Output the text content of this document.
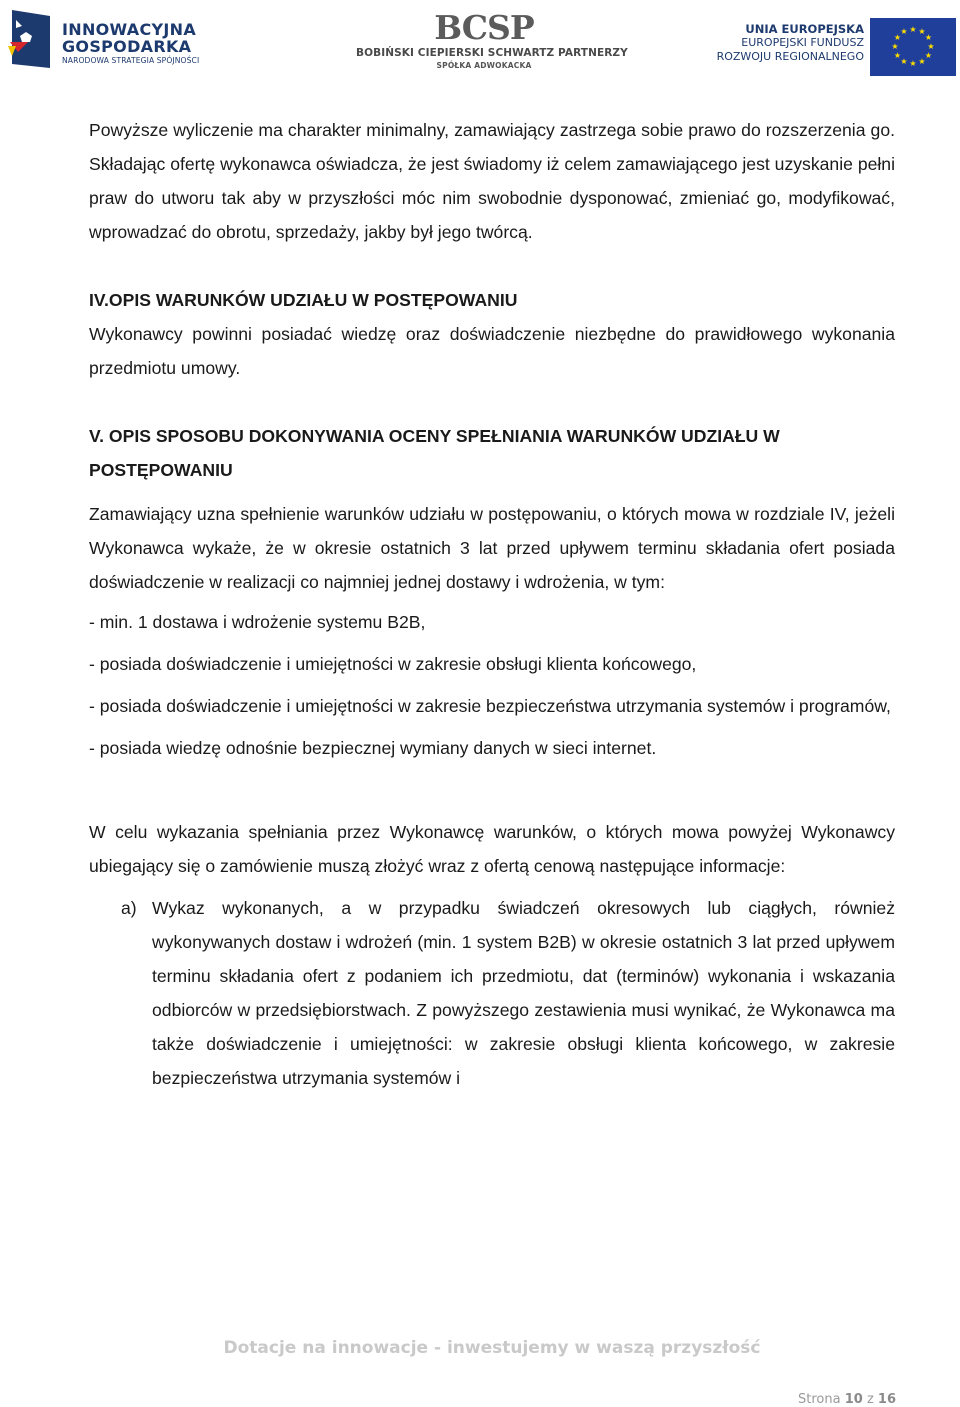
INNOWACYJNA
GOSPODARKA
NARODOWA STRATEGIA SPÓJNOŚCI
BCSP
BOBIŃSKI CIEPIERSKI SCHWARTZ PARTNERZY
SPÓŁKA ADWOKACKA
UNIA EUROPEJSKA
EUROPEJSKI FUNDUSZ
ROZWOJU REGIONALNEGO
★ ★
★
★
★
★
★
★
★
★
★
★

Powyższe wyliczenie ma charakter minimalny, zamawiający zastrzega sobie prawo do rozszerzenia go. Składając ofertę wykonawca oświadcza, że jest świadomy iż celem zamawiającego jest uzyskanie pełni praw do utworu tak aby w przyszłości móc nim swobodnie dysponować, zmieniać go, modyfikować, wprowadzać do obrotu, sprzedaży, jakby był jego twórcą.

IV.OPIS WARUNKÓW UDZIAŁU W POSTĘPOWANIU

Wykonawcy powinni posiadać wiedzę oraz doświadczenie niezbędne do prawidłowego wykonania przedmiotu umowy.

V. OPIS SPOSOBU DOKONYWANIA OCENY SPEŁNIANIA WARUNKÓW UDZIAŁU W POSTĘPOWANIU

Zamawiający uzna spełnienie warunków udziału w postępowaniu, o których mowa w rozdziale IV, jeżeli Wykonawca wykaże, że w okresie ostatnich 3 lat przed upływem terminu składania ofert posiada doświadczenie w realizacji co najmniej jednej dostawy i wdrożenia, w tym:

- min. 1 dostawa i wdrożenie systemu B2B,

- posiada doświadczenie i umiejętności w zakresie obsługi klienta końcowego,

- posiada doświadczenie i umiejętności w zakresie bezpieczeństwa utrzymania systemów i programów,

- posiada wiedzę odnośnie bezpiecznej wymiany danych w sieci internet.

W celu wykazania spełniania przez Wykonawcę warunków, o których mowa powyżej Wykonawcy ubiegający się o zamówienie muszą złożyć wraz z ofertą cenową następujące informacje:

a) Wykaz wykonanych, a w przypadku świadczeń okresowych lub ciągłych, również wykonywanych dostaw i wdrożeń (min. 1 system B2B) w okresie ostatnich 3 lat przed upływem terminu składania ofert z podaniem ich przedmiotu, dat (terminów) wykonania i wskazania odbiorców w przedsiębiorstwach. Z powyższego zestawienia musi wynikać, że Wykonawca ma także doświadczenie i umiejętności: w zakresie obsługi klienta końcowego, w zakresie bezpieczeństwa utrzymania systemów i
Dotacje na innowacje - inwestujemy w waszą przyszłość
Strona 10 z 16
